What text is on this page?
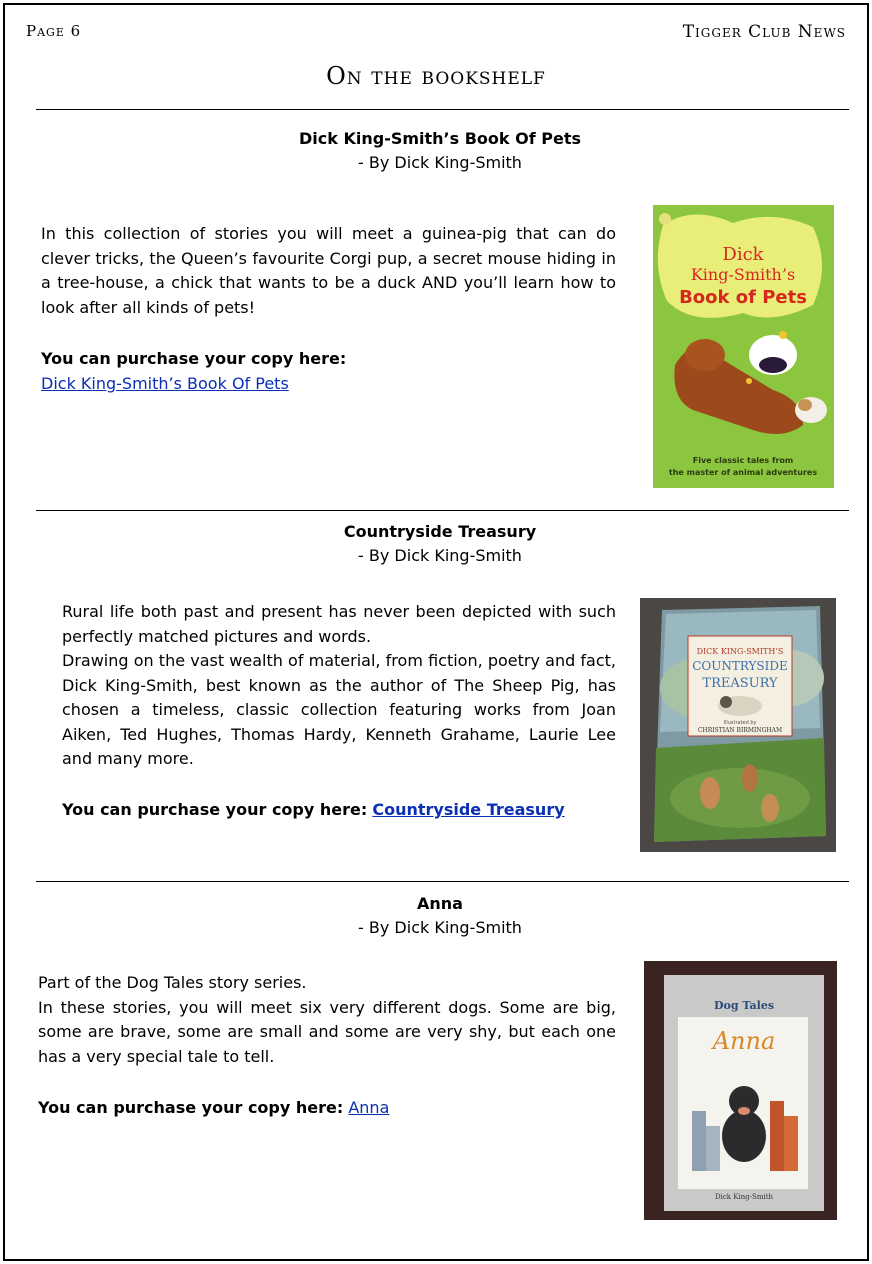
Page 6	Tigger Club News
On the bookshelf
Dick King-Smith’s Book Of Pets
- By Dick King-Smith

In this collection of stories you will meet a guinea-pig that can do clever tricks, the Queen’s favourite Corgi pup, a secret mouse hiding in a tree-house, a chick that wants to be a duck AND you’ll learn how to look after all kinds of pets!

You can purchase your copy here:
Dick King-Smith’s Book Of Pets
Dick
King-Smith’s
Book of Pets
Five classic tales from
the master of animal adventures
Countryside Treasury
- By Dick King-Smith

Rural life both past and present has never been depicted with such perfectly matched pictures and words.

Drawing on the vast wealth of material, from fiction, poetry and fact, Dick King-Smith, best known as the author of The Sheep Pig, has chosen a timeless, classic collection featuring works from Joan Aiken, Ted Hughes, Thomas Hardy, Kenneth Grahame, Laurie Lee and many more.

You can purchase your copy here: Countryside Treasury
DICK KING-SMITH’S
COUNTRYSIDE
TREASURY
Illustrated by
CHRISTIAN BIRMINGHAM
Anna
- By Dick King-Smith

Part of the Dog Tales story series.

In these stories, you will meet six very different dogs. Some are big, some are brave, some are small and some are very shy, but each one has a very special tale to tell.

You can purchase your copy here: Anna
Dog Tales
Anna
Dick King-Smith
